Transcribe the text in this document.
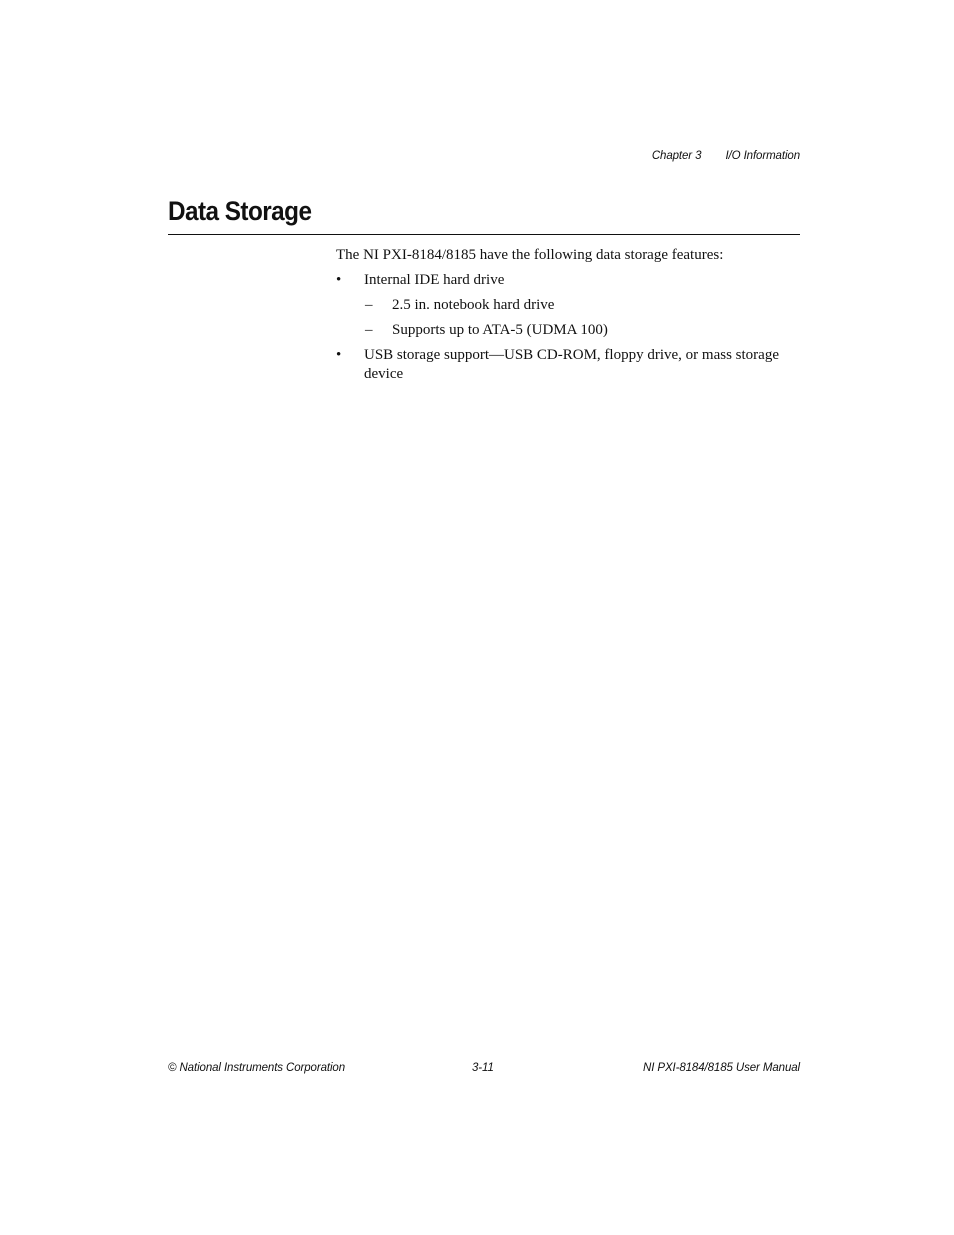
Chapter 3 I/O Information
Data Storage

The NI PXI-8184/8185 have the following data storage features:

• Internal IDE hard drive
– 2.5 in. notebook hard drive
– Supports up to ATA-5 (UDMA 100)
• USB storage support—USB CD-ROM, floppy drive, or mass storage device
© National Instruments Corporation	3-11	NI PXI-8184/8185 User Manual
